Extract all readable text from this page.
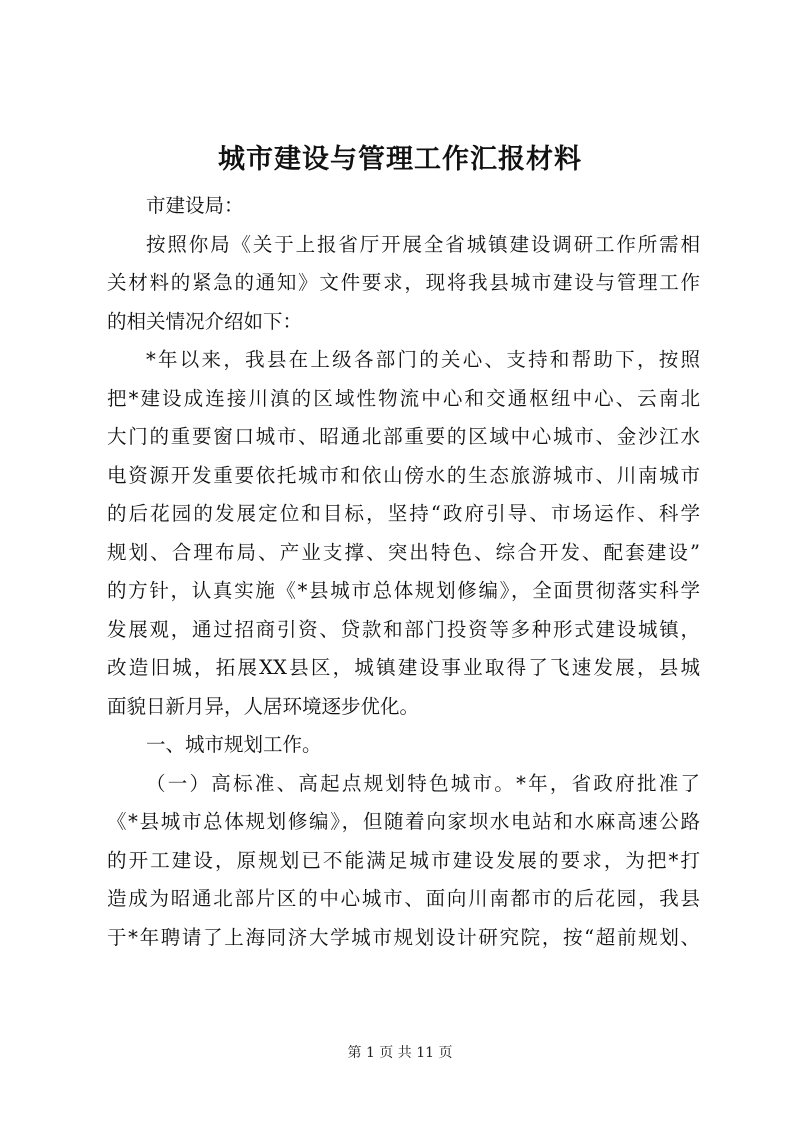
城市建设与管理工作汇报材料
市建设局：
按照你局《关于上报省厅开展全省城镇建设调研工作所需相
关材料的紧急的通知》文件要求，现将我县城市建设与管理工作
的相关情况介绍如下：
*年以来，我县在上级各部门的关心、支持和帮助下，按照
把*建设成连接川滇的区域性物流中心和交通枢纽中心、云南北
大门的重要窗口城市、昭通北部重要的区域中心城市、金沙江水
电资源开发重要依托城市和依山傍水的生态旅游城市、川南城市
的后花园的发展定位和目标，坚持“政府引导、市场运作、科学
规划、合理布局、产业支撑、突出特色、综合开发、配套建设”
的方针，认真实施《*县城市总体规划修编》，全面贯彻落实科学
发展观，通过招商引资、贷款和部门投资等多种形式建设城镇，
改造旧城，拓展XX县区，城镇建设事业取得了飞速发展，县城
面貌日新月异，人居环境逐步优化。
一、城市规划工作。
（一）高标准、高起点规划特色城市。*年，省政府批准了
《*县城市总体规划修编》，但随着向家坝水电站和水麻高速公路
的开工建设，原规划已不能满足城市建设发展的要求，为把*打
造成为昭通北部片区的中心城市、面向川南都市的后花园，我县
于*年聘请了上海同济大学城市规划设计研究院，按“超前规划、

第 1 页 共 11 页
